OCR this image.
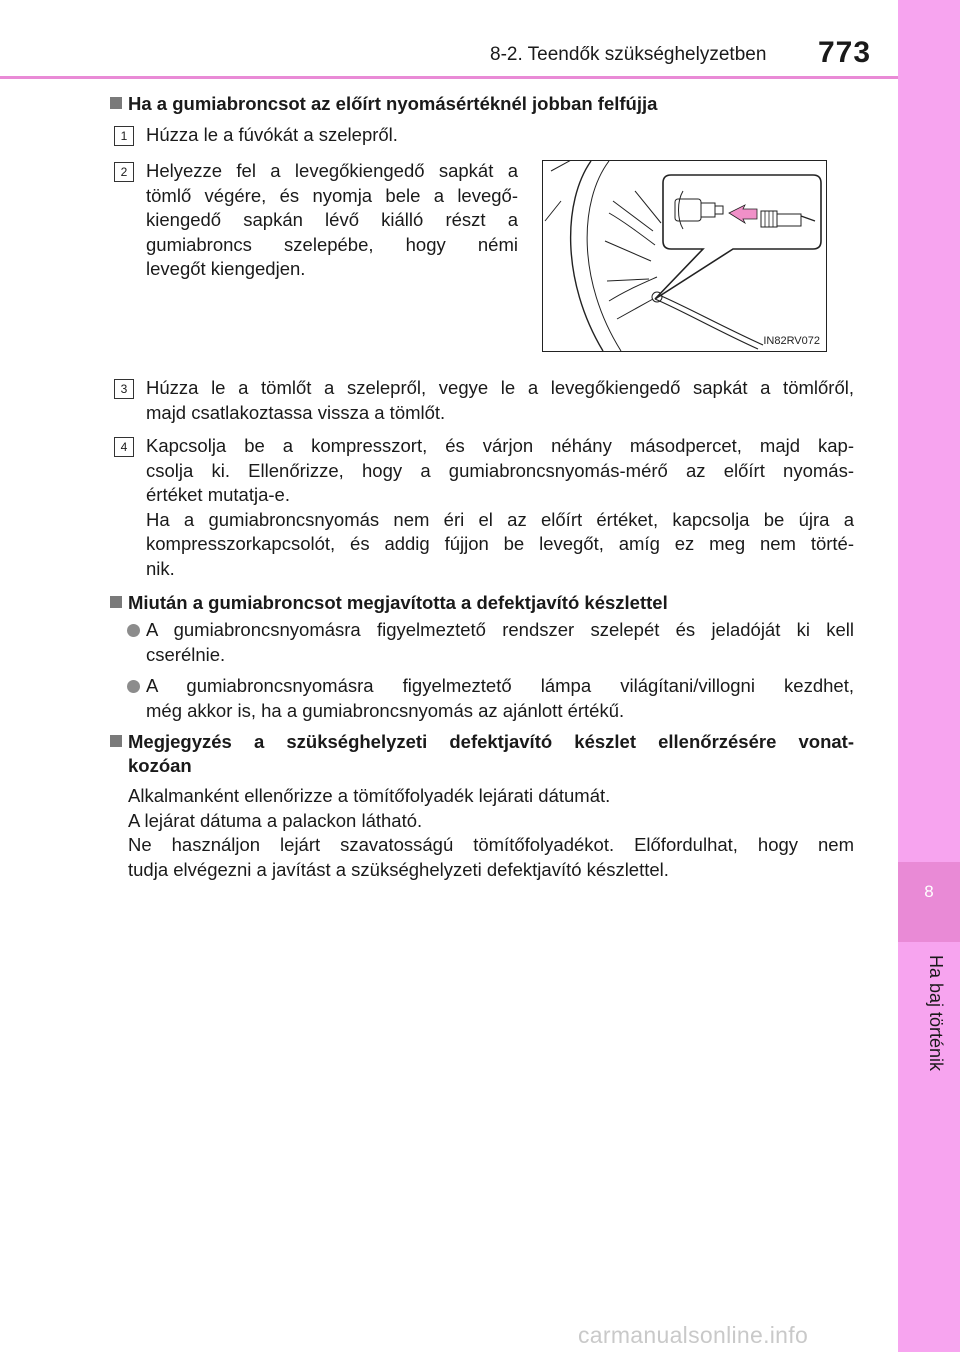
8-2. Teendők szükséghelyzetben 773
8
Ha baj történik
Ha a gumiabroncsot az előírt nyomásértéknél jobban felfújja
1	Húzza le a fúvókát a szelepről.
2	Helyezze fel a levegőkiengedő sapkát a
tömlő végére, és nyomja bele a levegő-
kiengedő sapkán lévő kiálló részt a
gumiabroncs szelepébe, hogy némi
levegőt kiengedjen.
IN82RV072
3	Húzza le a tömlőt a szelepről, vegye le a levegőkiengedő sapkát a tömlőről,
majd csatlakoztassa vissza a tömlőt.
4	Kapcsolja be a kompresszort, és várjon néhány másodpercet, majd kap-
csolja ki. Ellenőrizze, hogy a gumiabroncsnyomás-mérő az előírt nyomás-
értéket mutatja-e.
Ha a gumiabroncsnyomás nem éri el az előírt értéket, kapcsolja be újra a
kompresszorkapcsolót, és addig fújjon be levegőt, amíg ez meg nem törté-
nik.
Miután a gumiabroncsot megjavította a defektjavító készlettel
A gumiabroncsnyomásra figyelmeztető rendszer szelepét és jeladóját ki kell
cserélnie.
A gumiabroncsnyomásra figyelmeztető lámpa világítani/villogni kezdhet,
még akkor is, ha a gumiabroncsnyomás az ajánlott értékű.
Megjegyzés a szükséghelyzeti defektjavító készlet ellenőrzésére vonat-
kozóan
Alkalmanként ellenőrizze a tömítőfolyadék lejárati dátumát.
A lejárat dátuma a palackon látható.
Ne használjon lejárt szavatosságú tömítőfolyadékot. Előfordulhat, hogy nem
tudja elvégezni a javítást a szükséghelyzeti defektjavító készlettel.
carmanualsonline.info
